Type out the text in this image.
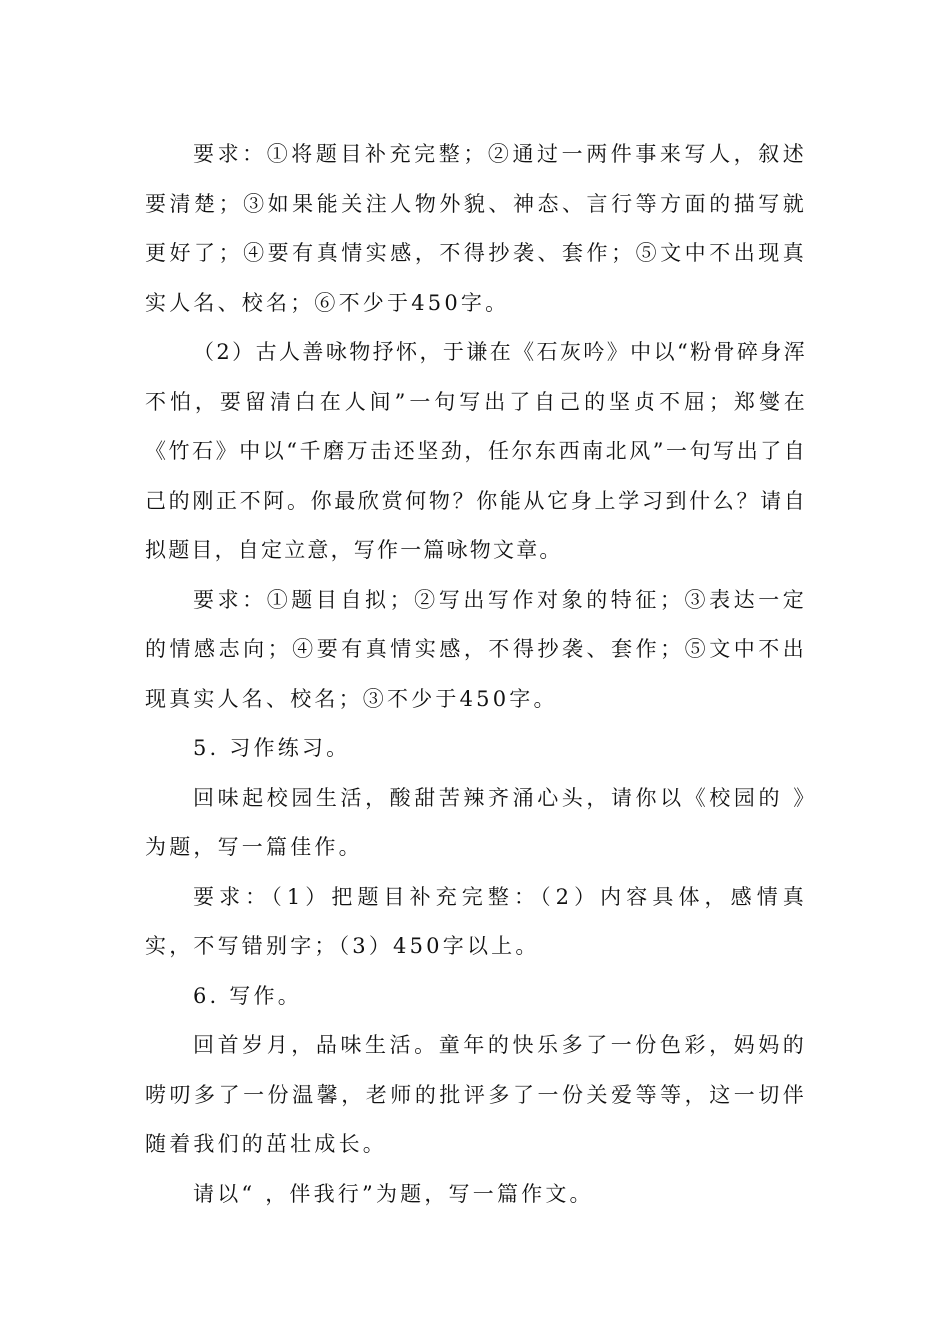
要求：①将题目补充完整；②通过一两件事来写人，叙述要清楚；③如果能关注人物外貌、神态、言行等方面的描写就更好了；④要有真情实感，不得抄袭、套作；⑤文中不出现真实人名、校名；⑥不少于450字。

（2）古人善咏物抒怀，于谦在《石灰吟》中以“粉骨碎身浑不怕，要留清白在人间”一句写出了自己的坚贞不屈；郑燮在《竹石》中以“千磨万击还坚劲，任尔东西南北风”一句写出了自己的刚正不阿。你最欣赏何物？你能从它身上学习到什么？请自拟题目，自定立意，写作一篇咏物文章。

要求：①题目自拟；②写出写作对象的特征；③表达一定的情感志向；④要有真情实感，不得抄袭、套作；⑤文中不出现真实人名、校名；③不少于450字。

5. 习作练习。

回味起校园生活，酸甜苦辣齐涌心头，请你以《校园的 》为题，写一篇佳作。

要求：（1）把题目补充完整：（2）内容具体，感情真实，不写错别字；（3）450字以上。

6. 写作。

回首岁月，品味生活。童年的快乐多了一份色彩，妈妈的唠叨多了一份温馨，老师的批评多了一份关爱等等，这一切伴随着我们的茁壮成长。

请以“ ，伴我行”为题，写一篇作文。
